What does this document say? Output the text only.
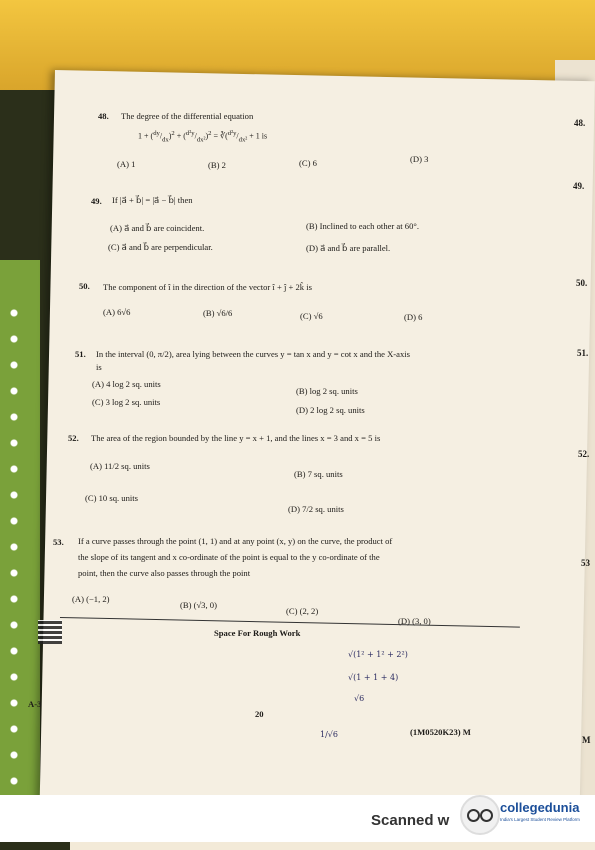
48. The degree of the differential equation
$1 + (^{dy}/_{dx})^2 + (^{d^2y}/_{dx^2})^2$ = $∛(^{d^2y}/_{dx^2} + 1$ is
(A) 1	(B) 2	(C) 6	(D) 3
49. If |a⃗ + b⃗| = |a⃗ − b⃗| then
(A) a⃗ and b⃗ are coincident.	(B) Inclined to each other at 60°.
(C) a⃗ and b⃗ are perpendicular.	(D) a⃗ and b⃗ are parallel.
50. The component of î in the direction of the vector î + ĵ + 2k̂ is
(A) 6√6	(B) √6/6	(C) √6	(D) 6
51. In the interval (0, π/2), area lying between the curves y = tan x and y = cot x and the X-axis
is
(A) 4 log 2 sq. units
(B) log 2 sq. units
(C) 3 log 2 sq. units
(D) 2 log 2 sq. units
52. The area of the region bounded by the line y = x + 1, and the lines x = 3 and x = 5 is
(A) 11/2 sq. units
(B) 7 sq. units
(C) 10 sq. units
(D) 7/2 sq. units
53. If a curve passes through the point (1, 1) and at any point (x, y) on the curve, the product of
the slope of its tangent and x co-ordinate of the point is equal to the y co-ordinate of the
point, then the curve also passes through the point
(A) (−1, 2)
(B) (√3, 0)
(C) (2, 2)
(D) (3, 0)
Space For Rough Work
√(1² + 1² + 2²)
√(1 + 1 + 4)
√6
1/√6
A-3
20
(1M0520K23) M
48.
49.
50.
51.
52.
53
M
Scanned w
collegedunia
India's Largest Student Review Platform
